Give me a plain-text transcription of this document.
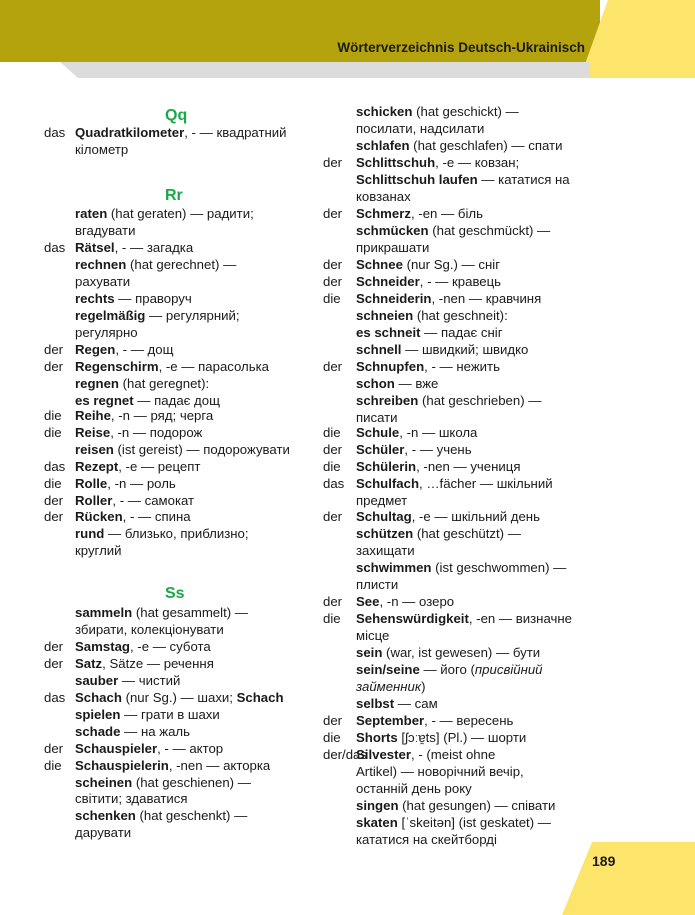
Wörterverzeichnis Deutsch-Ukrainisch
Qq
Rr
Ss
das Quadratkilometer, - — квадратний
кілометр
raten (hat geraten) — радити;
вгадувати
das Rätsel, - — загадка
rechnen (hat gerechnet) —
рахувати
rechts — праворуч
regelmäßig — регулярний;
регулярно
der Regen, - — дощ
der Regenschirm, -e — парасолька
regnen (hat geregnet):
es regnet — падає дощ
die Reihe, -n — ряд; черга
die Reise, -n — подорож
reisen (ist gereist) — подорожувати
das Rezept, -e — рецепт
die Rolle, -n — роль
der Roller, - — самокат
der Rücken, - — спина
rund — близько, приблизно;
круглий
sammeln (hat gesammelt) —
збирати, колекціонувати
der Samstag, -e — субота
der Satz, Sätze — речення
sauber — чистий
das Schach (nur Sg.) — шахи; Schach
spielen — грати в шахи
schade — на жаль
der Schauspieler, - — актор
die Schauspielerin, -nen — акторка
scheinen (hat geschienen) —
світити; здаватися
schenken (hat geschenkt) —
дарувати
schicken (hat geschickt) —
посилати, надсилати
schlafen (hat geschlafen) — спати
der Schlittschuh, -e — ковзан;
Schlittschuh laufen — кататися на
ковзанах
der Schmerz, -en — біль
schmücken (hat geschmückt) —
прикрашати
der Schnee (nur Sg.) — сніг
der Schneider, - — кравець
die Schneiderin, -nen — кравчиня
schneien (hat geschneit):
es schneit — падає сніг
schnell — швидкий; швидко
der Schnupfen, - — нежить
schon — вже
schreiben (hat geschrieben) —
писати
die Schule, -n — школа
der Schüler, - — учень
die Schülerin, -nen — учениця
das Schulfach, …fächer — шкільний
предмет
der Schultag, -e — шкільний день
schützen (hat geschützt) —
захищати
schwimmen (ist geschwommen) —
плисти
der See, -n — озеро
die Sehenswürdigkeit, -en — визначне
місце
sein (war, ist gewesen) — бути
sein/seine — його (присвійний
займенник)
selbst — сам
der September, - — вересень
die Shorts [ʃɔːɐ̯ts] (Pl.) — шорти
der/das
Silvester, - (meist ohne
Artikel) — новорічний вечір,
останній день року
singen (hat gesungen) — співати
skaten [ˈskeitən] (ist geskatet) —
кататися на скейтборді
189
